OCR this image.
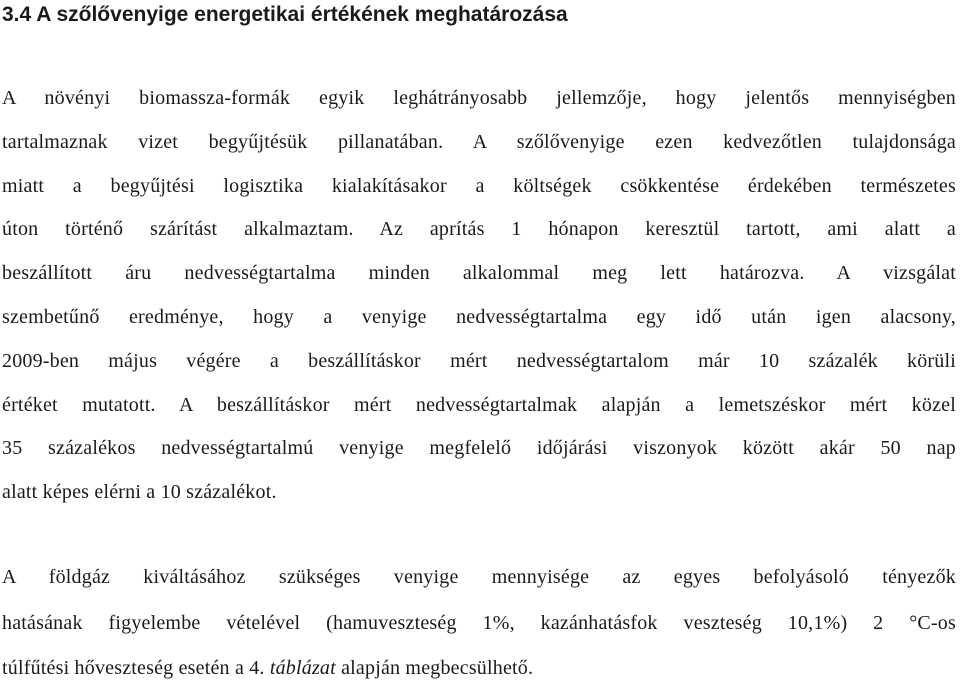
3.4 A szőlővenyige energetikai értékének meghatározása
A növényi biomassza-formák egyik leghátrányosabb jellemzője, hogy jelentős mennyiségben
tartalmaznak vizet begyűjtésük pillanatában. A szőlővenyige ezen kedvezőtlen tulajdonsága
miatt a begyűjtési logisztika kialakításakor a költségek csökkentése érdekében természetes
úton történő szárítást alkalmaztam. Az aprítás 1 hónapon keresztül tartott, ami alatt a
beszállított áru nedvességtartalma minden alkalommal meg lett határozva. A vizsgálat
szembetűnő eredménye, hogy a venyige nedvességtartalma egy idő után igen alacsony,
2009-ben május végére a beszállításkor mért nedvességtartalom már 10 százalék körüli
értéket mutatott. A beszállításkor mért nedvességtartalmak alapján a lemetszéskor mért közel
35 százalékos nedvességtartalmú venyige megfelelő időjárási viszonyok között akár 50 nap
alatt képes elérni a 10 százalékot.
A földgáz kiváltásához szükséges venyige mennyisége az egyes befolyásoló tényezők
hatásának figyelembe vételével (hamuveszteség 1%, kazánhatásfok veszteség 10,1%) 2 °C-os
túlfűtési hőveszteség esetén a 4. táblázat alapján megbecsülhető.
